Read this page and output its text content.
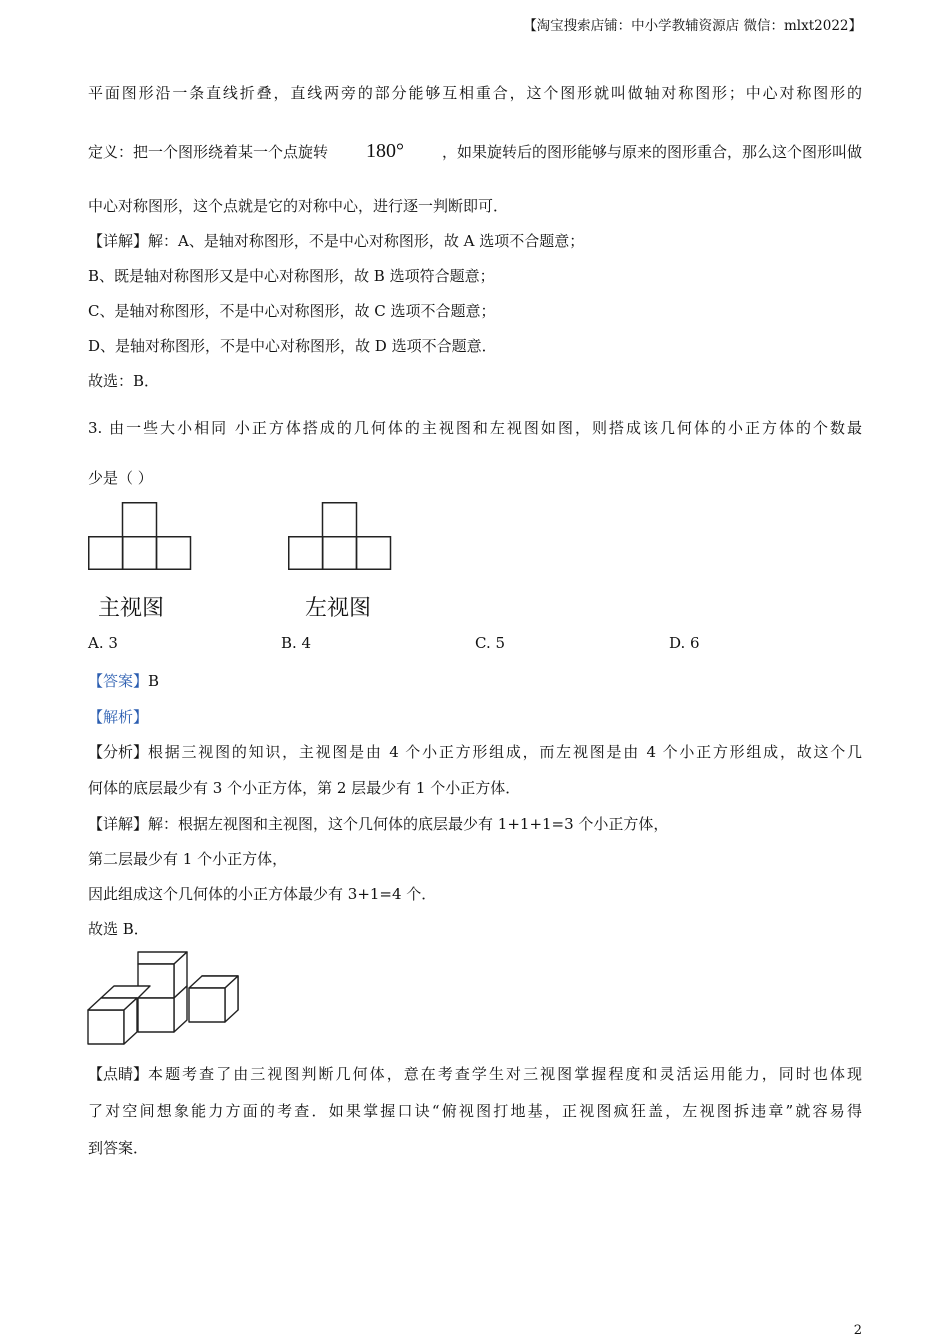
【淘宝搜索店铺：中小学教辅资源店 微信：mlxt2022】
平面图形沿一条直线折叠，直线两旁的部分能够互相重合，这个图形就叫做轴对称图形；中心对称图形的
定义：把一个图形绕着某一个点旋转 180°	，如果旋转后的图形能够与原来的图形重合，那么这个图形叫做
中心对称图形，这个点就是它的对称中心，进行逐一判断即可．
【详解】解：A、是轴对称图形，不是中心对称图形，故 A 选项不合题意；
B、既是轴对称图形又是中心对称图形，故 B 选项符合题意；
C、是轴对称图形，不是中心对称图形，故 C 选项不合题意；
D、是轴对称图形，不是中心对称图形，故 D 选项不合题意．
故选：B．
3. 由一些大小相同 小正方体搭成的几何体的主视图和左视图如图，则搭成该几何体的小正方体的个数最
少是（ ）
主视图	左视图
A. 3	B. 4	C. 5	D. 6
【答案】B
【解析】
【分析】 根据三视图的知识，主视图是由 4 个小正方形组成，而左视图是由 4 个小正方形组成，故这个几
何体的底层最少有 3 个小正方体，第 2 层最少有 1 个小正方体．
【详解】解：根据左视图和主视图，这个几何体的底层最少有 1+1+1=3 个小正方体，
第二层最少有 1 个小正方体，
因此组成这个几何体的小正方体最少有 3+1=4 个．
故选 B．
【点睛】 本题考查了由三视图判断几何体，意在考查学生对三视图掌握程度和灵活运用能力，同时也体现
了对空间想象能力方面的考查．如果掌握口诀“俯视图打地基，正视图疯狂盖，左视图拆违章”就容易得
到答案．
2
